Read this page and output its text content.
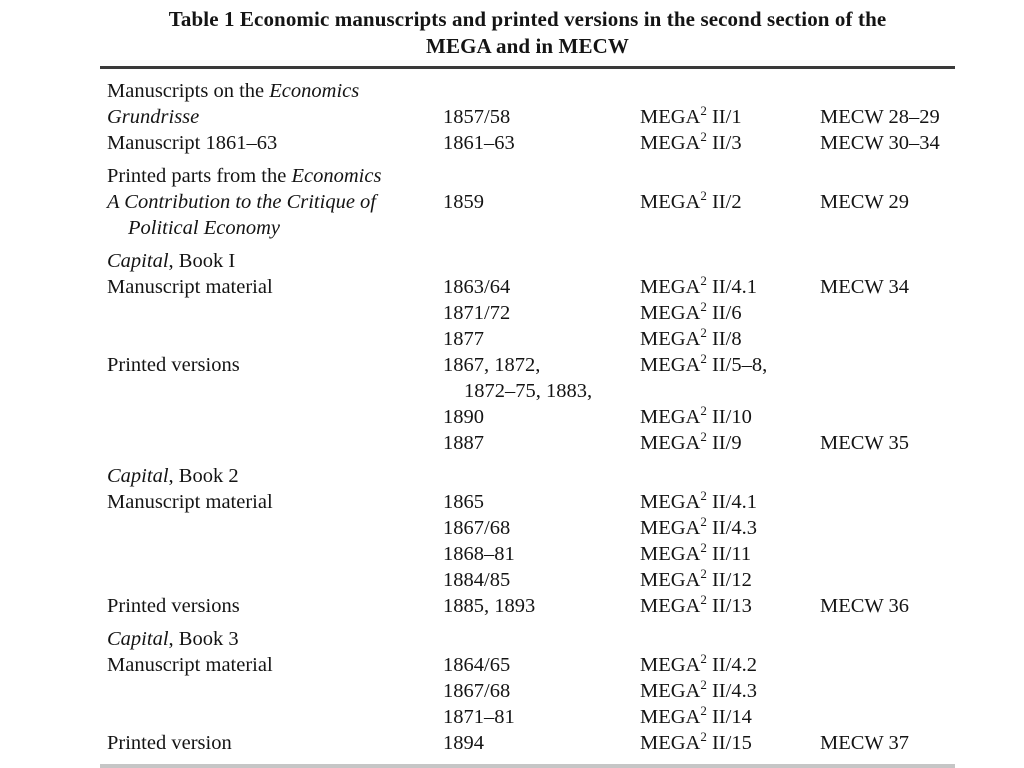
Table 1 Economic manuscripts and printed versions in the second section of the
MEGA and in MECW
Manuscripts on the Economics
Grundrisse	1857/58	MEGA$^2$ II/1	MECW 28–29
Manuscript 1861–63	1861–63	MEGA$^2$ II/3	MECW 30–34
Printed parts from the Economics
A Contribution to the Critique of	1859	MEGA$^2$ II/2	MECW 29
Political Economy
Capital, Book I
Manuscript material	1863/64	MEGA$^2$ II/4.1	MECW 34
1871/72	MEGA$^2$ II/6
1877	MEGA$^2$ II/8
Printed versions	1867, 1872,	MEGA$^2$ II/5–8,
1872–75, 1883,
1890	MEGA$^2$ II/10
1887	MEGA$^2$ II/9	MECW 35
Capital, Book 2
Manuscript material	1865	MEGA$^2$ II/4.1
1867/68	MEGA$^2$ II/4.3
1868–81	MEGA$^2$ II/11
1884/85	MEGA$^2$ II/12
Printed versions	1885, 1893	MEGA$^2$ II/13	MECW 36
Capital, Book 3
Manuscript material	1864/65	MEGA$^2$ II/4.2
1867/68	MEGA$^2$ II/4.3
1871–81	MEGA$^2$ II/14
Printed version	1894	MEGA$^2$ II/15	MECW 37
